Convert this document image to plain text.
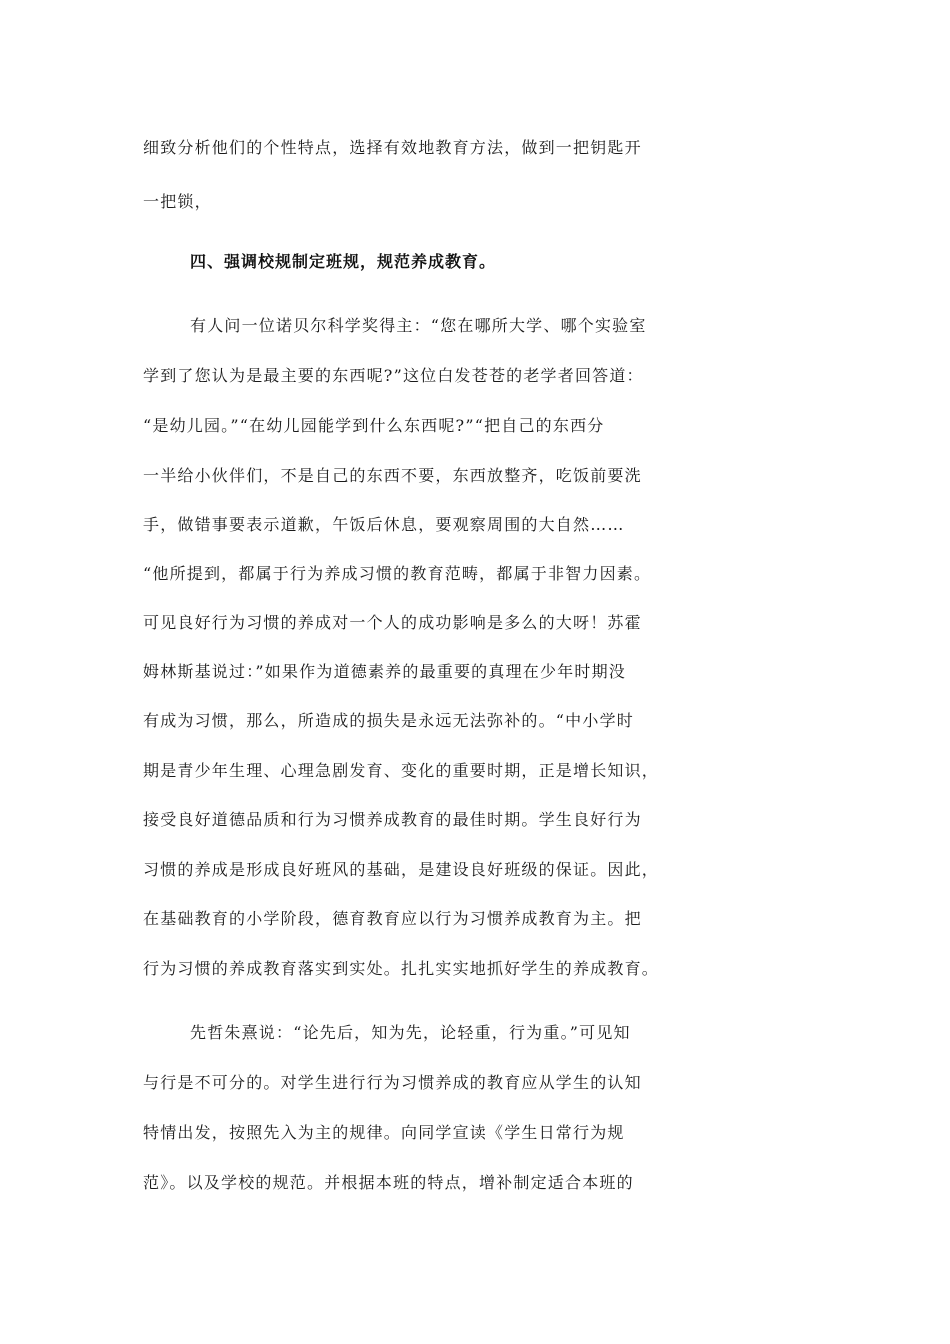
细致分析他们的个性特点，选择有效地教育方法，做到一把钥匙开
一把锁，
四、强调校规制定班规，规范养成教育。
有人问一位诺贝尔科学奖得主：“您在哪所大学、哪个实验室
学到了您认为是最主要的东西呢?”这位白发苍苍的老学者回答道：
“是幼儿园。”“在幼儿园能学到什么东西呢?”“把自己的东西分
一半给小伙伴们，不是自己的东西不要，东西放整齐，吃饭前要洗
手，做错事要表示道歉，午饭后休息，要观察周围的大自然……
“他所提到，都属于行为养成习惯的教育范畴，都属于非智力因素。
可见良好行为习惯的养成对一个人的成功影响是多么的大呀！苏霍
姆林斯基说过：”如果作为道德素养的最重要的真理在少年时期没
有成为习惯，那么，所造成的损失是永远无法弥补的。“中小学时
期是青少年生理、心理急剧发育、变化的重要时期，正是增长知识，
接受良好道德品质和行为习惯养成教育的最佳时期。学生良好行为
习惯的养成是形成良好班风的基础，是建设良好班级的保证。因此，
在基础教育的小学阶段，德育教育应以行为习惯养成教育为主。把
行为习惯的养成教育落实到实处。扎扎实实地抓好学生的养成教育。
先哲朱熹说：“论先后，知为先，论轻重，行为重。”可见知
与行是不可分的。对学生进行行为习惯养成的教育应从学生的认知
特情出发，按照先入为主的规律。向同学宣读《学生日常行为规
范》。以及学校的规范。并根据本班的特点，增补制定适合本班的
